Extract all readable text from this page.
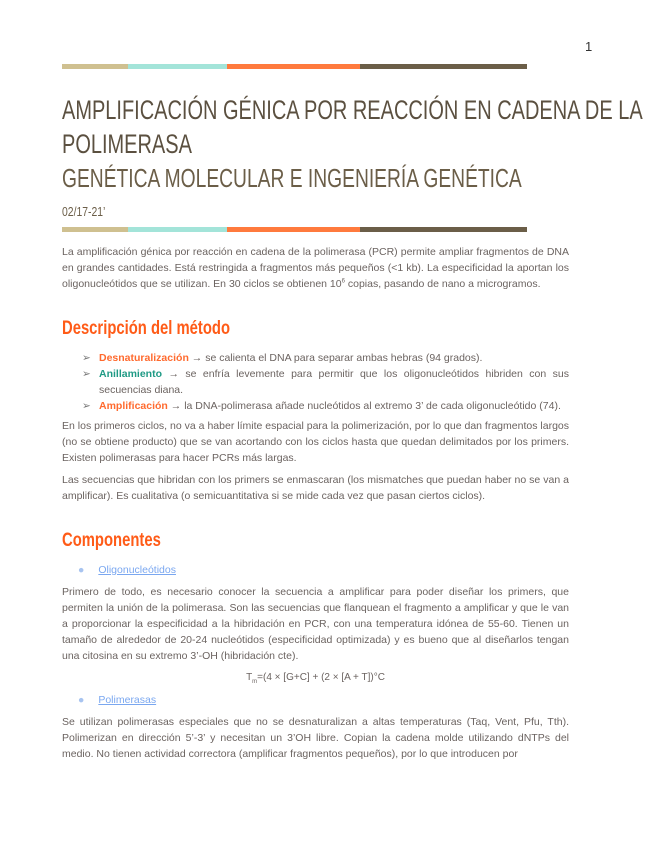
1
AMPLIFICACIÓN GÉNICA POR REACCIÓN EN CADENA DE LA
POLIMERASA
GENÉTICA MOLECULAR E INGENIERÍA GENÉTICA
02/17-21’

La amplificación génica por reacción en cadena de la polimerasa (PCR) permite ampliar fragmentos de DNA en grandes cantidades. Está restringida a fragmentos más pequeños (<1 kb). La especificidad la aportan los oligonucleótidos que se utilizan. En 30 ciclos se obtienen $10^6$ copias, pasando de nano a microgramos.

Descripción del método
➢ Desnaturalización → se calienta el DNA para separar ambas hebras (94 grados).
➢ Anillamiento → se enfría levemente para permitir que los oligonucleótidos hibriden con sus secuencias diana.
➢ Amplificación → la DNA-polimerasa añade nucleótidos al extremo 3’ de cada oligonucleótido (74).

En los primeros ciclos, no va a haber límite espacial para la polimerización, por lo que dan fragmentos largos (no se obtiene producto) que se van acortando con los ciclos hasta que quedan delimitados por los primers. Existen polimerasas para hacer PCRs más largas.

Las secuencias que hibridan con los primers se enmascaran (los mismatches que puedan haber no se van a amplificar). Es cualitativa (o semicuantitativa si se mide cada vez que pasan ciertos ciclos).

Componentes
● Oligonucleótidos

Primero de todo, es necesario conocer la secuencia a amplificar para poder diseñar los primers, que permiten la unión de la polimerasa. Son las secuencias que flanquean el fragmento a amplificar y que le van a proporcionar la especificidad a la hibridación en PCR, con una temperatura idónea de 55-60. Tienen un tamaño de alrededor de 20-24 nucleótidos (especificidad optimizada) y es bueno que al diseñarlos tengan una citosina en su extremo 3’-OH (hibridación cte).

$T_m=(4 \times [G+C] + (2 \times [A + T])^\circ C$
● Polimerasas

Se utilizan polimerasas especiales que no se desnaturalizan a altas temperaturas (Taq, Vent, Pfu, Tth). Polimerizan en dirección 5’-3’ y necesitan un 3’OH libre. Copian la cadena molde utilizando dNTPs del medio. No tienen actividad correctora (amplificar fragmentos pequeños), por lo que introducen por
